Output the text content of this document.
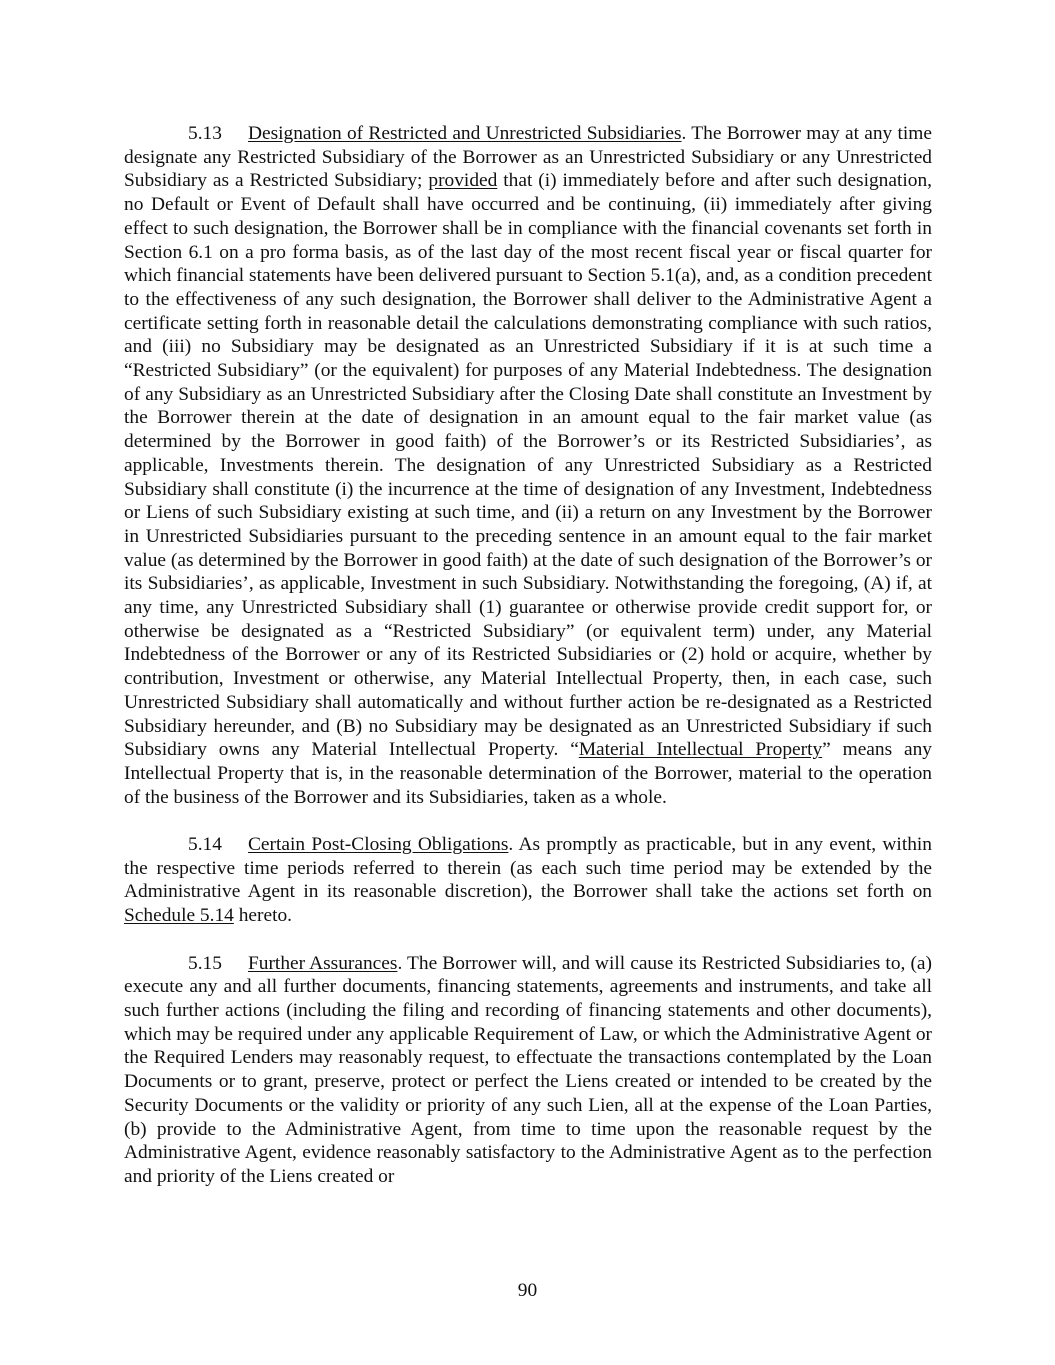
5.13 Designation of Restricted and Unrestricted Subsidiaries. The Borrower may at any time designate any Restricted Subsidiary of the Borrower as an Unrestricted Subsidiary or any Unrestricted Subsidiary as a Restricted Subsidiary; provided that (i) immediately before and after such designation, no Default or Event of Default shall have occurred and be continuing, (ii) immediately after giving effect to such designation, the Borrower shall be in compliance with the financial covenants set forth in Section 6.1 on a pro forma basis, as of the last day of the most recent fiscal year or fiscal quarter for which financial statements have been delivered pursuant to Section 5.1(a), and, as a condition precedent to the effectiveness of any such designation, the Borrower shall deliver to the Administrative Agent a certificate setting forth in reasonable detail the calculations demonstrating compliance with such ratios, and (iii) no Subsidiary may be designated as an Unrestricted Subsidiary if it is at such time a “Restricted Subsidiary” (or the equivalent) for purposes of any Material Indebtedness. The designation of any Subsidiary as an Unrestricted Subsidiary after the Closing Date shall constitute an Investment by the Borrower therein at the date of designation in an amount equal to the fair market value (as determined by the Borrower in good faith) of the Borrower’s or its Restricted Subsidiaries’, as applicable, Investments therein. The designation of any Unrestricted Subsidiary as a Restricted Subsidiary shall constitute (i) the incurrence at the time of designation of any Investment, Indebtedness or Liens of such Subsidiary existing at such time, and (ii) a return on any Investment by the Borrower in Unrestricted Subsidiaries pursuant to the preceding sentence in an amount equal to the fair market value (as determined by the Borrower in good faith) at the date of such designation of the Borrower’s or its Subsidiaries’, as applicable, Investment in such Subsidiary. Notwithstanding the foregoing, (A) if, at any time, any Unrestricted Subsidiary shall (1) guarantee or otherwise provide credit support for, or otherwise be designated as a “Restricted Subsidiary” (or equivalent term) under, any Material Indebtedness of the Borrower or any of its Restricted Subsidiaries or (2) hold or acquire, whether by contribution, Investment or otherwise, any Material Intellectual Property, then, in each case, such Unrestricted Subsidiary shall automatically and without further action be re-designated as a Restricted Subsidiary hereunder, and (B) no Subsidiary may be designated as an Unrestricted Subsidiary if such Subsidiary owns any Material Intellectual Property. “Material Intellectual Property” means any Intellectual Property that is, in the reasonable determination of the Borrower, material to the operation of the business of the Borrower and its Subsidiaries, taken as a whole.

5.14 Certain Post-Closing Obligations. As promptly as practicable, but in any event, within the respective time periods referred to therein (as each such time period may be extended by the Administrative Agent in its reasonable discretion), the Borrower shall take the actions set forth on Schedule 5.14 hereto.

5.15 Further Assurances. The Borrower will, and will cause its Restricted Subsidiaries to, (a) execute any and all further documents, financing statements, agreements and instruments, and take all such further actions (including the filing and recording of financing statements and other documents), which may be required under any applicable Requirement of Law, or which the Administrative Agent or the Required Lenders may reasonably request, to effectuate the transactions contemplated by the Loan Documents or to grant, preserve, protect or perfect the Liens created or intended to be created by the Security Documents or the validity or priority of any such Lien, all at the expense of the Loan Parties, (b) provide to the Administrative Agent, from time to time upon the reasonable request by the Administrative Agent, evidence reasonably satisfactory to the Administrative Agent as to the perfection and priority of the Liens created or

90
